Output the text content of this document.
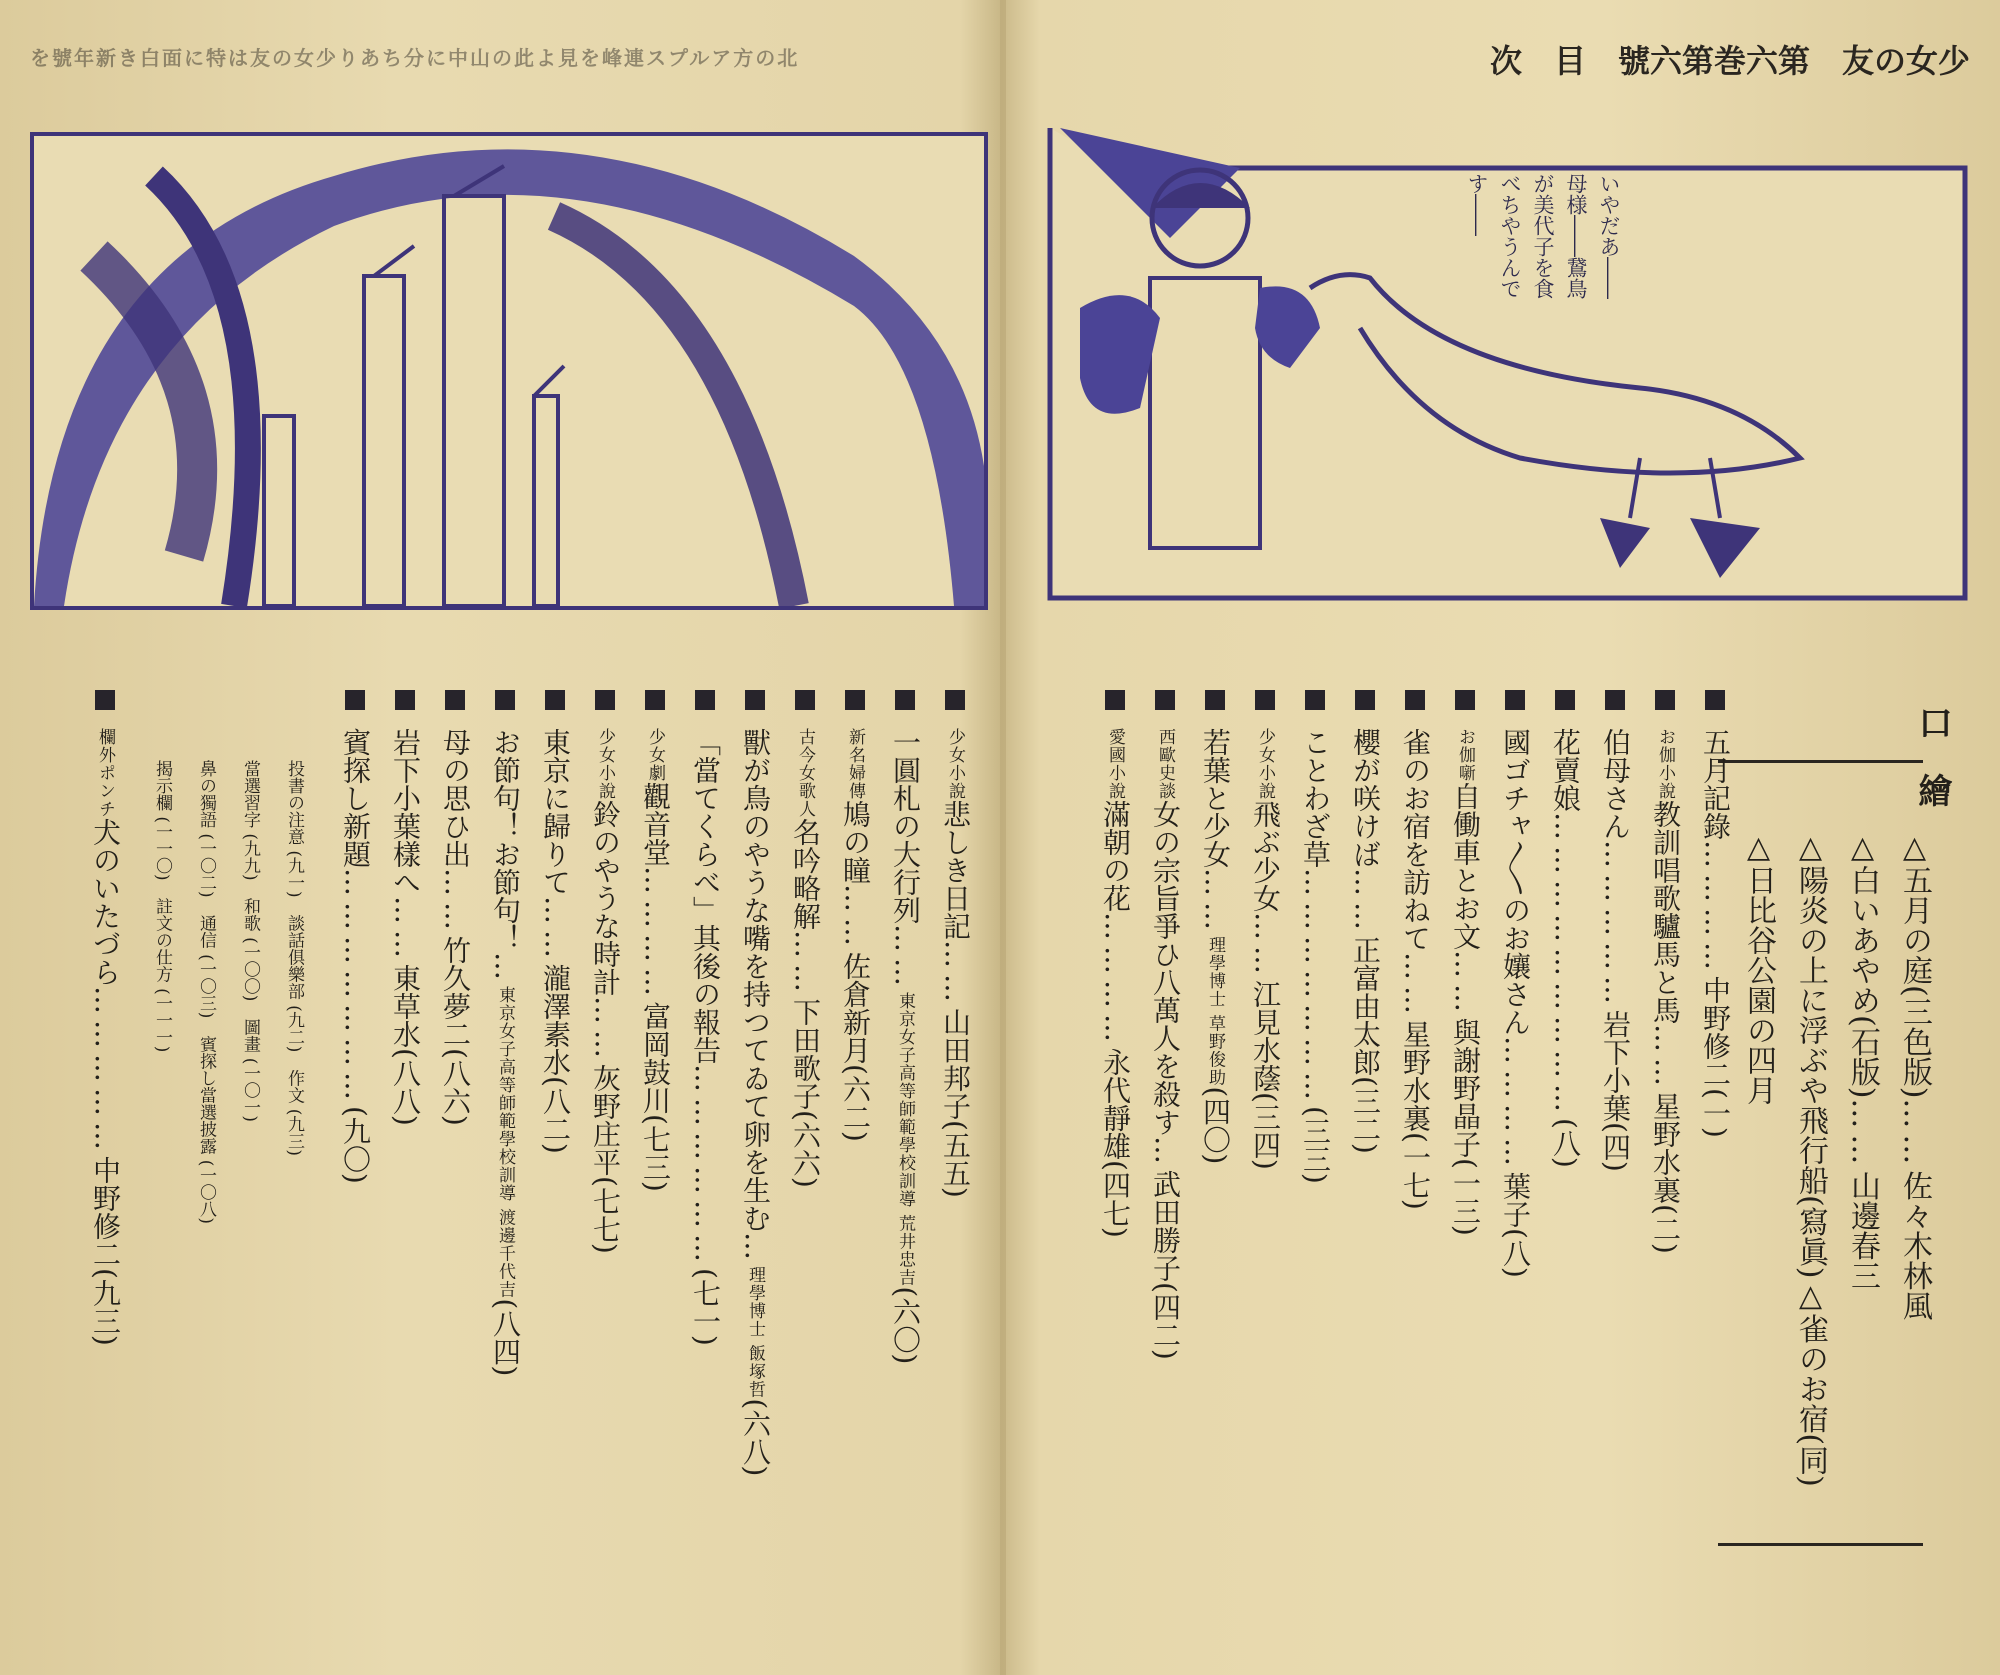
少女の友　第六巻第六號　目　次
北の方アルプス連峰を見よ此の山中に分ちあり少女の友は特に面白き新年號を
いやだあ――
母様――鵞鳥
が美代子を食
べちやうんで
す――
口　繪
△五月の庭(三色版)……佐々木林風
△白いあやめ(石版)……山邊春三
△陽炎の上に浮ぶや飛行船(寫眞)△雀のお宿(同)
△日比谷公園の四月
五月記錄…………中野修二(一)
お伽小說教訓唱歌驢馬と馬……星野水裏(二)
伯母さん……………岩下小葉(四)
花賣娘………………………(八)
國ゴチャ〳〵のお孃さん…………葉子(八)
お伽噺自働車とお文……與謝野晶子(一三)
雀のお宿を訪ねて……星野水裏(一七)
櫻が咲けば……正富由太郎(三二)
ことわざ草…………………(三三)
少女小說飛ぶ少女……江見水蔭(三四)
若葉と少女……理學博士 草野俊助(四〇)
西歐史談女の宗旨爭ひ八萬人を殺す…武田勝子(四二)
愛國小說滿朝の花…………永代靜雄(四七)
少女小說悲しき日記……山田邦子(五五)
一圓札の大行列……東京女子高等師範學校訓導 荒井忠吉(六〇)
新名婦傳鳩の瞳……佐倉新月(六二)
古今女歌人名吟略解……下田歌子(六六)
獸が鳥のやうな嘴を持つてゐて卵を生む…理學博士 飯塚哲(六八)
「當てくらべ」其後の報告………………(七一)
少女劇觀音堂…………富岡鼓川(七三)
少女小說鈴のやうな時計……灰野庄平(七七)
東京に歸りて……瀧澤素水(八二)
お節句！お節句！…東京女子高等師範學校訓導 渡邊千代吉(八四)
母の思ひ出……竹久夢二(八六)
岩下小葉樣へ……東草水(八八)
賓探し新題…………………(九〇)
投書の注意 (九一)　談話俱樂部 (九二)　作文 (九三)
當選習字 (九九)　和歌 (一〇〇)　圖畫 (一〇一)
鼻の獨語 (一〇二)　通信 (一〇三)　賓探し當選披露 (一〇八)
揭示欄 (一一〇)　註文の仕方 (一一一)
欄外ポンチ犬のいたづら……………中野修二(九三)
